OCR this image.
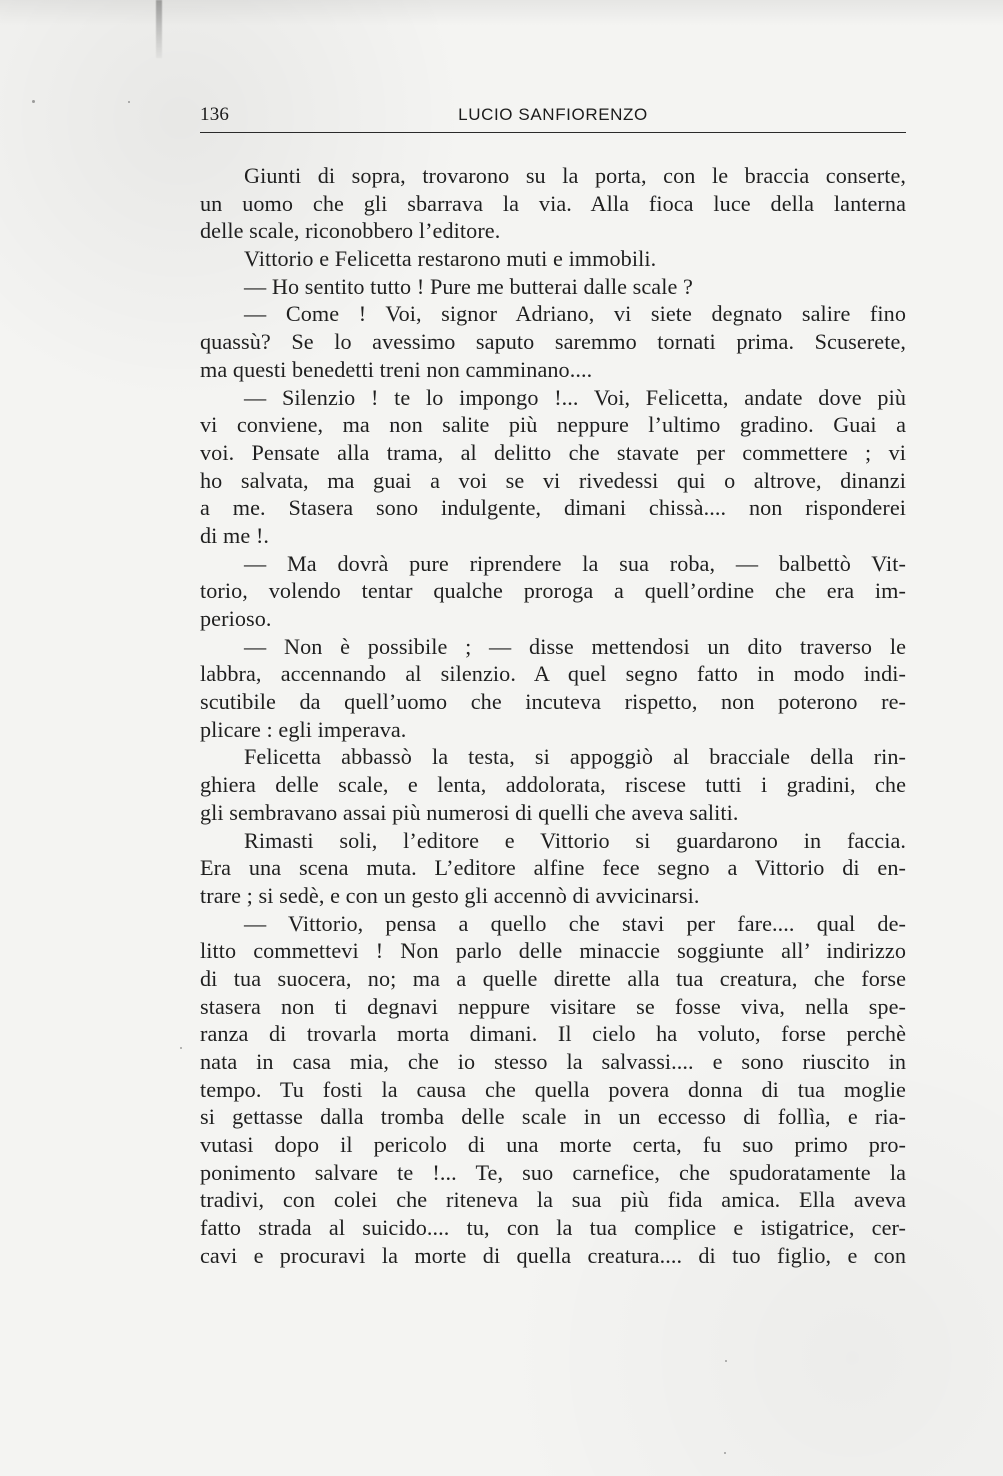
136	LUCIO SANFIORENZO
Giunti di sopra, trovarono su la porta, con le braccia conserte,
un uomo che gli sbarrava la via. Alla fioca luce della lanterna
delle scale, riconobbero l’editore.
Vittorio e Felicetta restarono muti e immobili.
— Ho sentito tutto ! Pure me butterai dalle scale ?
— Come ! Voi, signor Adriano, vi siete degnato salire fino
quassù? Se lo avessimo saputo saremmo tornati prima. Scuserete,
ma questi benedetti treni non camminano....
— Silenzio ! te lo impongo !... Voi, Felicetta, andate dove più
vi conviene, ma non salite più neppure l’ultimo gradino. Guai a
voi. Pensate alla trama, al delitto che stavate per commettere ; vi
ho salvata, ma guai a voi se vi rivedessi qui o altrove, dinanzi
a me. Stasera sono indulgente, dimani chissà.... non risponderei
di me !.
— Ma dovrà pure riprendere la sua roba, — balbettò Vit-
torio, volendo tentar qualche proroga a quell’ordine che era im-
perioso.
— Non è possibile ; — disse mettendosi un dito traverso le
labbra, accennando al silenzio. A quel segno fatto in modo indi-
scutibile da quell’uomo che incuteva rispetto, non poterono re-
plicare : egli imperava.
Felicetta abbassò la testa, si appoggiò al bracciale della rin-
ghiera delle scale, e lenta, addolorata, riscese tutti i gradini, che
gli sembravano assai più numerosi di quelli che aveva saliti.
Rimasti soli, l’editore e Vittorio si guardarono in faccia.
Era una scena muta. L’editore alfine fece segno a Vittorio di en-
trare ; si sedè, e con un gesto gli accennò di avvicinarsi.
— Vittorio, pensa a quello che stavi per fare.... qual de-
litto commettevi ! Non parlo delle minaccie soggiunte all’ indirizzo
di tua suocera, no; ma a quelle dirette alla tua creatura, che forse
stasera non ti degnavi neppure visitare se fosse viva, nella spe-
ranza di trovarla morta dimani. Il cielo ha voluto, forse perchè
nata in casa mia, che io stesso la salvassi.... e sono riuscito in
tempo. Tu fosti la causa che quella povera donna di tua moglie
si gettasse dalla tromba delle scale in un eccesso di follìa, e ria-
vutasi dopo il pericolo di una morte certa, fu suo primo pro-
ponimento salvare te !... Te, suo carnefice, che spudoratamente la
tradivi, con colei che riteneva la sua più fida amica. Ella aveva
fatto strada al suicido.... tu, con la tua complice e istigatrice, cer-
cavi e procuravi la morte di quella creatura.... di tuo figlio, e con
